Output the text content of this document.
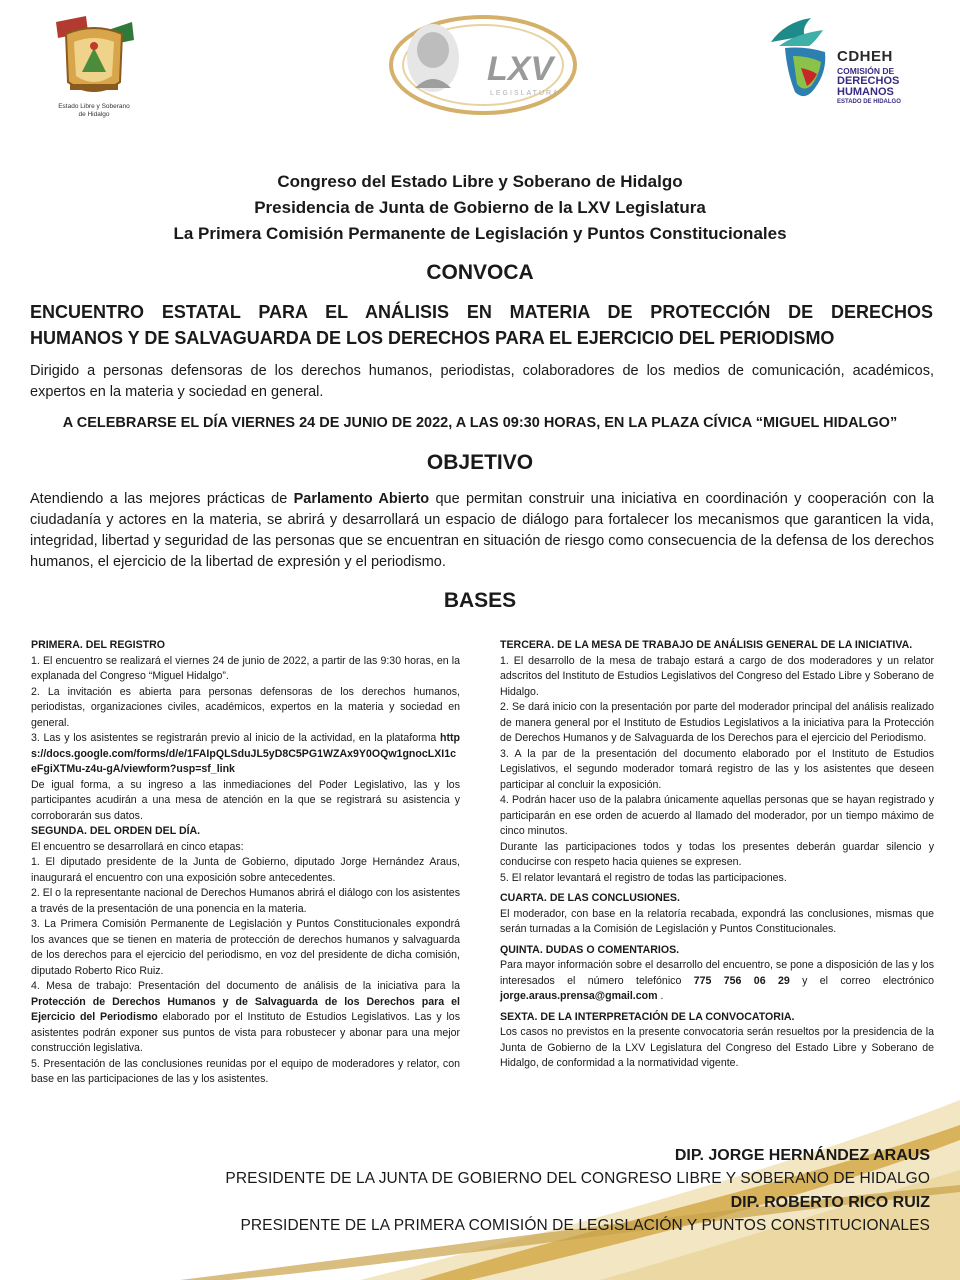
Estado Libre y Soberano
de Hidalgo
LXV
LEGISLATURA
CDHEH
COMISIÓN DE
DERECHOS
HUMANOS
ESTADO DE HIDALGO
Congreso del Estado Libre y Soberano de Hidalgo
Presidencia de Junta de Gobierno de la LXV Legislatura
La Primera Comisión Permanente de Legislación y Puntos Constitucionales
CONVOCA
ENCUENTRO ESTATAL PARA EL ANÁLISIS EN MATERIA DE PROTECCIÓN DE DERECHOS
HUMANOS Y DE SALVAGUARDA DE LOS DERECHOS PARA EL EJERCICIO DEL PERIODISMO
Dirigido a personas defensoras de los derechos humanos, periodistas, colaboradores de los medios de comunicación, académicos, expertos en la materia y sociedad en general.
A CELEBRARSE EL DÍA VIERNES 24 DE JUNIO DE 2022, A LAS 09:30 HORAS, EN LA PLAZA CÍVICA “MIGUEL HIDALGO”
OBJETIVO
Atendiendo a las mejores prácticas de Parlamento Abierto que permitan construir una iniciativa en coordinación y cooperación con la ciudadanía y actores en la materia, se abrirá y desarrollará un espacio de diálogo para fortalecer los mecanismos que garanticen la vida, integridad, libertad y seguridad de las personas que se encuentran en situación de riesgo como consecuencia de la defensa de los derechos humanos, el ejercicio de la libertad de expresión y el periodismo.
BASES

PRIMERA. DEL REGISTRO

1. El encuentro se realizará el viernes 24 de junio de 2022, a partir de las 9:30 horas, en la explanada del Congreso “Miguel Hidalgo”.

2. La invitación es abierta para personas defensoras de los derechos humanos, periodistas, organizaciones civiles, académicos, expertos en la materia y sociedad en general.

3. Las y los asistentes se registrarán previo al inicio de la actividad, en la plataforma https://docs.google.com/forms/d/e/1FAIpQLSduJL5yD8C5PG1WZAx9Y0OQw1gnocLXI1ceFgiXTMu-z4u-gA/viewform?usp=sf_link

De igual forma, a su ingreso a las inmediaciones del Poder Legislativo, las y los participantes acudirán a una mesa de atención en la que se registrará su asistencia y corroborarán sus datos.

SEGUNDA. DEL ORDEN DEL DÍA.

El encuentro se desarrollará en cinco etapas:

1. El diputado presidente de la Junta de Gobierno, diputado Jorge Hernández Araus, inaugurará el encuentro con una exposición sobre antecedentes.

2. El o la representante nacional de Derechos Humanos abrirá el diálogo con los asistentes a través de la presentación de una ponencia en la materia.

3. La Primera Comisión Permanente de Legislación y Puntos Constitucionales expondrá los avances que se tienen en materia de protección de derechos humanos y salvaguarda de los derechos para el ejercicio del periodismo, en voz del presidente de dicha comisión, diputado Roberto Rico Ruiz.

4. Mesa de trabajo: Presentación del documento de análisis de la iniciativa para la Protección de Derechos Humanos y de Salvaguarda de los Derechos para el Ejercicio del Periodismo elaborado por el Instituto de Estudios Legislativos. Las y los asistentes podrán exponer sus puntos de vista para robustecer y abonar para una mejor construcción legislativa.

5. Presentación de las conclusiones reunidas por el equipo de moderadores y relator, con base en las participaciones de las y los asistentes.

TERCERA. DE LA MESA DE TRABAJO DE ANÁLISIS GENERAL DE LA INICIATIVA.

1. El desarrollo de la mesa de trabajo estará a cargo de dos moderadores y un relator adscritos del Instituto de Estudios Legislativos del Congreso del Estado Libre y Soberano de Hidalgo.

2. Se dará inicio con la presentación por parte del moderador principal del análisis realizado de manera general por el Instituto de Estudios Legislativos a la iniciativa para la Protección de Derechos Humanos y de Salvaguarda de los Derechos para el ejercicio del Periodismo.

3. A la par de la presentación del documento elaborado por el Instituto de Estudios Legislativos, el segundo moderador tomará registro de las y los asistentes que deseen participar al concluir la exposición.

4. Podrán hacer uso de la palabra únicamente aquellas personas que se hayan registrado y participarán en ese orden de acuerdo al llamado del moderador, por un tiempo máximo de cinco minutos.

Durante las participaciones todos y todas los presentes deberán guardar silencio y conducirse con respeto hacia quienes se expresen.

5. El relator levantará el registro de todas las participaciones.

CUARTA. DE LAS CONCLUSIONES.

El moderador, con base en la relatoría recabada, expondrá las conclusiones, mismas que serán turnadas a la Comisión de Legislación y Puntos Constitucionales.

QUINTA. DUDAS O COMENTARIOS.

Para mayor información sobre el desarrollo del encuentro, se pone a disposición de las y los interesados el número telefónico 775 756 06 29 y el correo electrónico jorge.araus.prensa@gmail.com .

SEXTA. DE LA INTERPRETACIÓN DE LA CONVOCATORIA.

Los casos no previstos en la presente convocatoria serán resueltos por la presidencia de la Junta de Gobierno de la LXV Legislatura del Congreso del Estado Libre y Soberano de Hidalgo, de conformidad a la normatividad vigente.

DIP. JORGE HERNÁNDEZ ARAUS
PRESIDENTE DE LA JUNTA DE GOBIERNO DEL CONGRESO LIBRE Y SOBERANO DE HIDALGO
DIP. ROBERTO RICO RUIZ
PRESIDENTE DE LA PRIMERA COMISIÓN DE LEGISLACIÓN Y PUNTOS CONSTITUCIONALES
